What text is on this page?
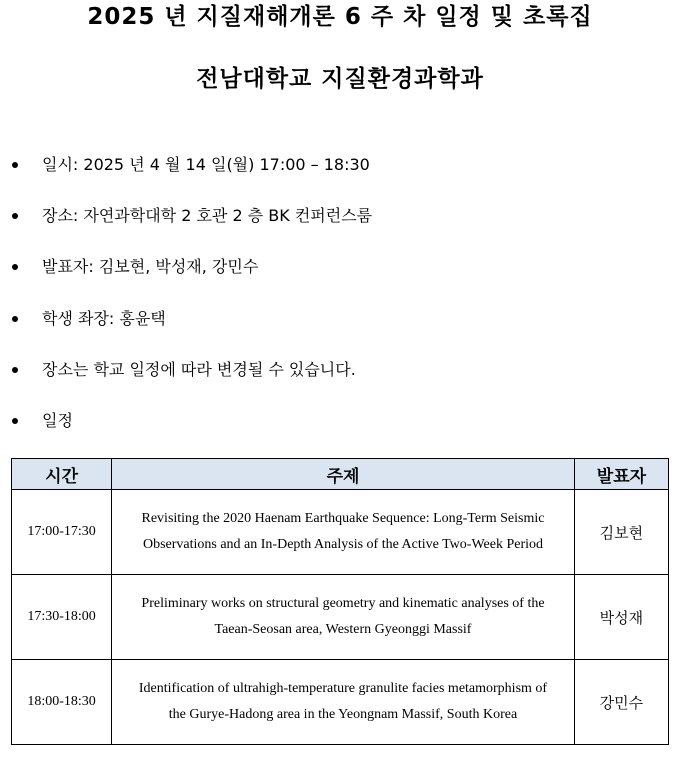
2025 년 지질재해개론 6 주 차 일정 및 초록집
전남대학교 지질환경과학과
일시: 2025 년 4 월 14 일(월) 17:00 – 18:30
장소: 자연과학대학 2 호관 2 층 BK 컨퍼런스룸
발표자: 김보현, 박성재, 강민수
학생 좌장: 홍윤택
장소는 학교 일정에 따라 변경될 수 있습니다.
일정
시간	주제	발표자
17:00-17:30	Revisiting the 2020 Haenam Earthquake Sequence: Long-Term Seismic
Observations and an In-Depth Analysis of the Active Two-Week Period	김보현
17:30-18:00	Preliminary works on structural geometry and kinematic analyses of the
Taean-Seosan area, Western Gyeonggi Massif	박성재
18:00-18:30	Identification of ultrahigh-temperature granulite facies metamorphism of
the Gurye-Hadong area in the Yeongnam Massif, South Korea	강민수
